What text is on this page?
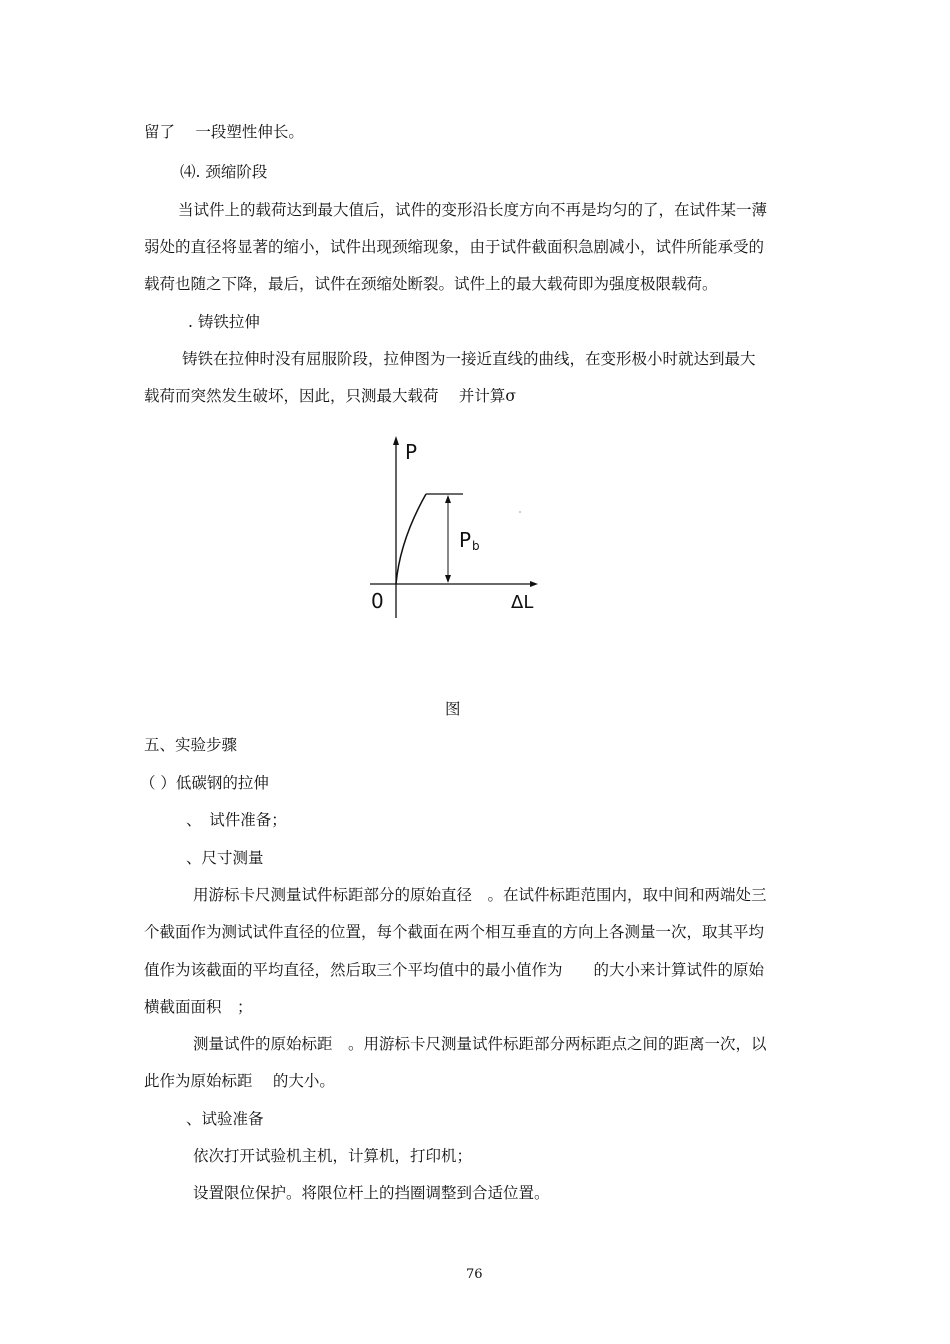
留了　 一段塑性伸长。
⑷. 颈缩阶段
当试件上的载荷达到最大值后，试件的变形沿长度方向不再是均匀的了，在试件某一薄
弱处的直径将显著的缩小，试件出现颈缩现象，由于试件截面积急剧减小，试件所能承受的
载荷也随之下降，最后，试件在颈缩处断裂。试件上的最大载荷即为强度极限载荷。
. 铸铁拉伸
铸铁在拉伸时没有屈服阶段，拉伸图为一接近直线的曲线，在变形极小时就达到最大
载荷而突然发生破坏，因此，只测最大载荷　 并计算σ
P
0	ΔL
P b
图
五、实验步骤
（ ）低碳钢的拉伸
、　试件准备；
、尺寸测量
用游标卡尺测量试件标距部分的原始直径　。在试件标距范围内，取中间和两端处三
个截面作为测试试件直径的位置，每个截面在两个相互垂直的方向上各测量一次，取其平均
值作为该截面的平均直径，然后取三个平均值中的最小值作为　　的大小来计算试件的原始
横截面面积　；
测量试件的原始标距　。用游标卡尺测量试件标距部分两标距点之间的距离一次，以
此作为原始标距　 的大小。
、试验准备
依次打开试验机主机，计算机，打印机；
设置限位保护。将限位杆上的挡圈调整到合适位置。
76
